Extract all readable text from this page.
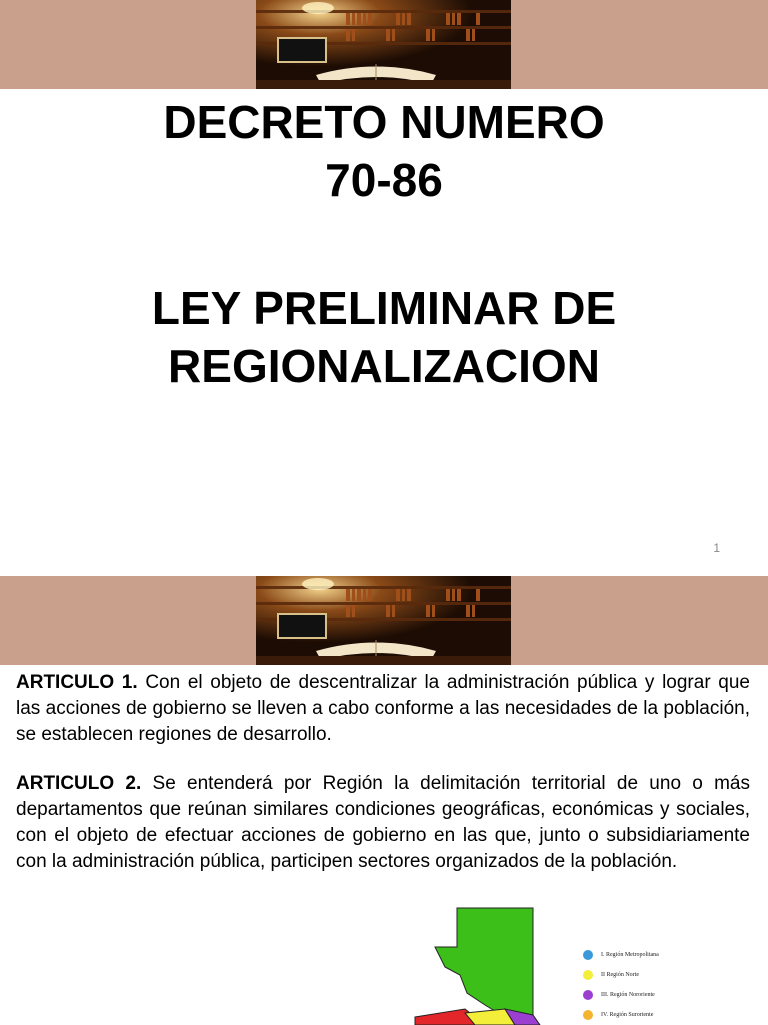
DECRETO NUMERO
70-86
LEY PRELIMINAR DE
REGIONALIZACION
1

ARTICULO 1. Con el objeto de descentralizar la administración pública y lograr que las acciones de gobierno se lleven a cabo conforme a las necesidades de la población, se establecen regiones de desarrollo.

ARTICULO 2. Se entenderá por Región la delimitación territorial de uno o más departamentos que reúnan similares condiciones geográficas, económicas y sociales, con el objeto de efectuar acciones de gobierno en las que, junto o subsidiariamente con la administración pública, participen sectores organizados de la población.

I. Región Metropolitana
II Región Norte
III. Región Nororiente
IV. Región Suroriente
